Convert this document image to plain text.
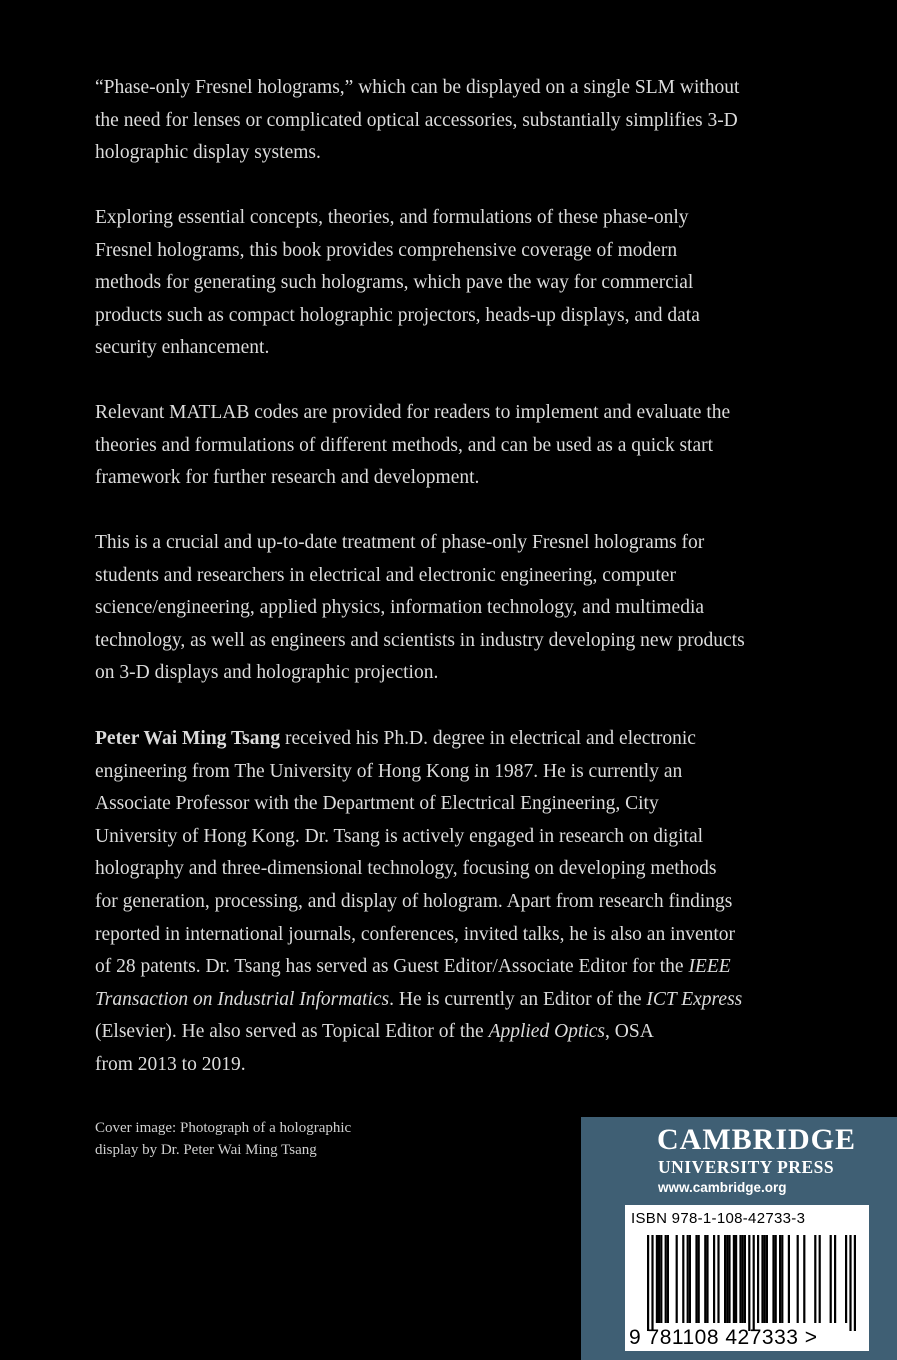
“Phase-only Fresnel holograms,” which can be displayed on a single SLM without
the need for lenses or complicated optical accessories, substantially simplifies 3-D
holographic display systems.
Exploring essential concepts, theories, and formulations of these phase-only
Fresnel holograms, this book provides comprehensive coverage of modern
methods for generating such holograms, which pave the way for commercial
products such as compact holographic projectors, heads-up displays, and data
security enhancement.
Relevant MATLAB codes are provided for readers to implement and evaluate the
theories and formulations of different methods, and can be used as a quick start
framework for further research and development.
This is a crucial and up-to-date treatment of phase-only Fresnel holograms for
students and researchers in electrical and electronic engineering, computer
science/engineering, applied physics, information technology, and multimedia
technology, as well as engineers and scientists in industry developing new products
on 3-D displays and holographic projection.
Peter Wai Ming Tsang received his Ph.D. degree in electrical and electronic
engineering from The University of Hong Kong in 1987. He is currently an
Associate Professor with the Department of Electrical Engineering, City
University of Hong Kong. Dr. Tsang is actively engaged in research on digital
holography and three-dimensional technology, focusing on developing methods
for generation, processing, and display of hologram. Apart from research findings
reported in international journals, conferences, invited talks, he is also an inventor
of 28 patents. Dr. Tsang has served as Guest Editor/Associate Editor for the IEEE
Transaction on Industrial Informatics. He is currently an Editor of the ICT Express
(Elsevier). He also served as Topical Editor of the Applied Optics, OSA
from 2013 to 2019.
Cover image: Photograph of a holographic
display by Dr. Peter Wai Ming Tsang	CAMBRIDGE
UNIVERSITY PRESS
www.cambridge.org
ISBN 978-1-108-42733-3
9 781108 427333 >
